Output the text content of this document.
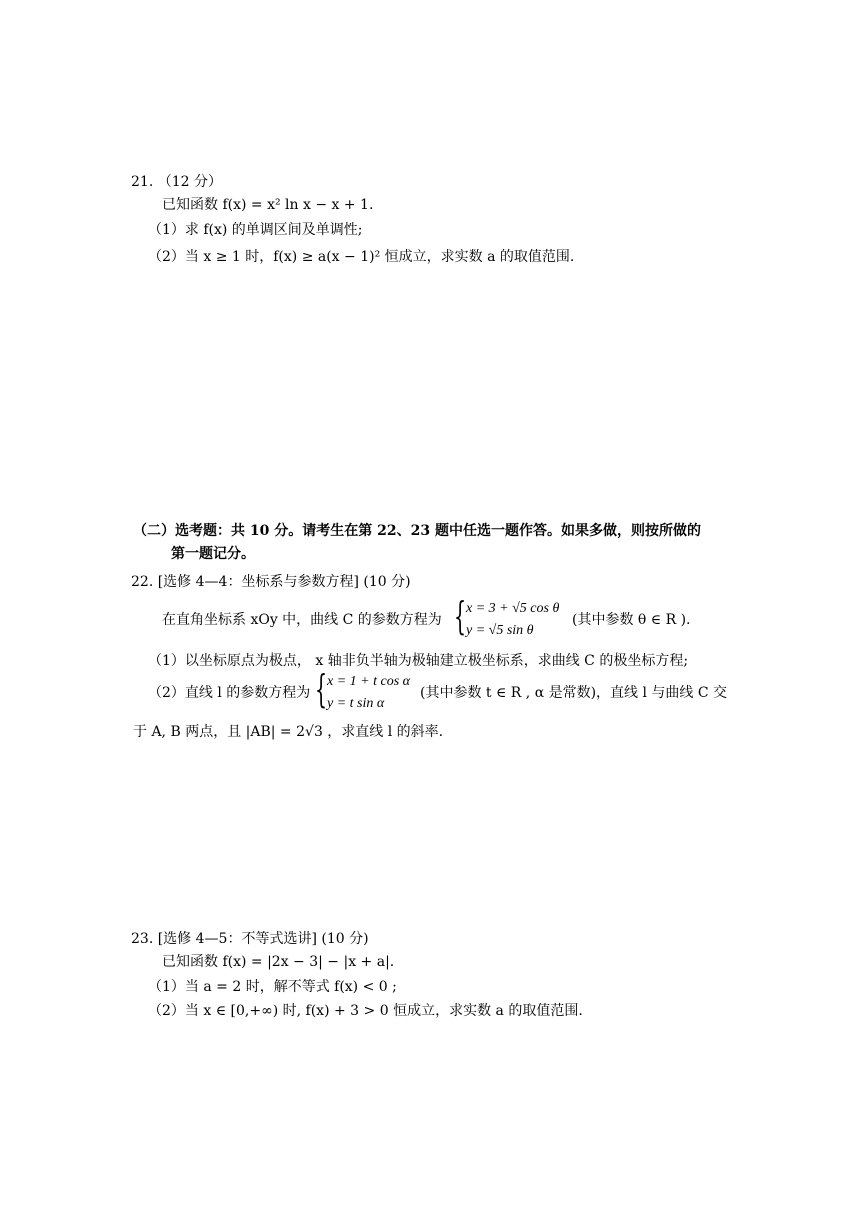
21. （12 分）
已知函数 f(x) = x² ln x − x + 1.
（1）求 f(x) 的单调区间及单调性;
（2）当 x ≥ 1 时，f(x) ≥ a(x − 1)² 恒成立，求实数 a 的取值范围.
（二）选考题：共 10 分。请考生在第 22、23 题中任选一题作答。如果多做，则按所做的
第一题记分。
22. [选修 4—4：坐标系与参数方程] (10 分)
在直角坐标系 xOy 中，曲线 C 的参数方程为 { x = 3 + √5 cos θ
y = √5 sin θ
(其中参数 θ ∈ R ).
（1）以坐标原点为极点， x 轴非负半轴为极轴建立极坐标系，求曲线 C 的极坐标方程;
（2）直线 l 的参数方程为 { x = 1 + t cos α
y = t sin α
(其中参数 t ∈ R , α 是常数)，直线 l 与曲线 C 交
于 A, B 两点，且 |AB| = 2√3 ，求直线 l 的斜率.
23. [选修 4—5：不等式选讲] (10 分)
已知函数 f(x) = |2x − 3| − |x + a|.
（1）当 a = 2 时，解不等式 f(x) < 0 ;
（2）当 x ∈ [0,+∞) 时, f(x) + 3 > 0 恒成立，求实数 a 的取值范围.
